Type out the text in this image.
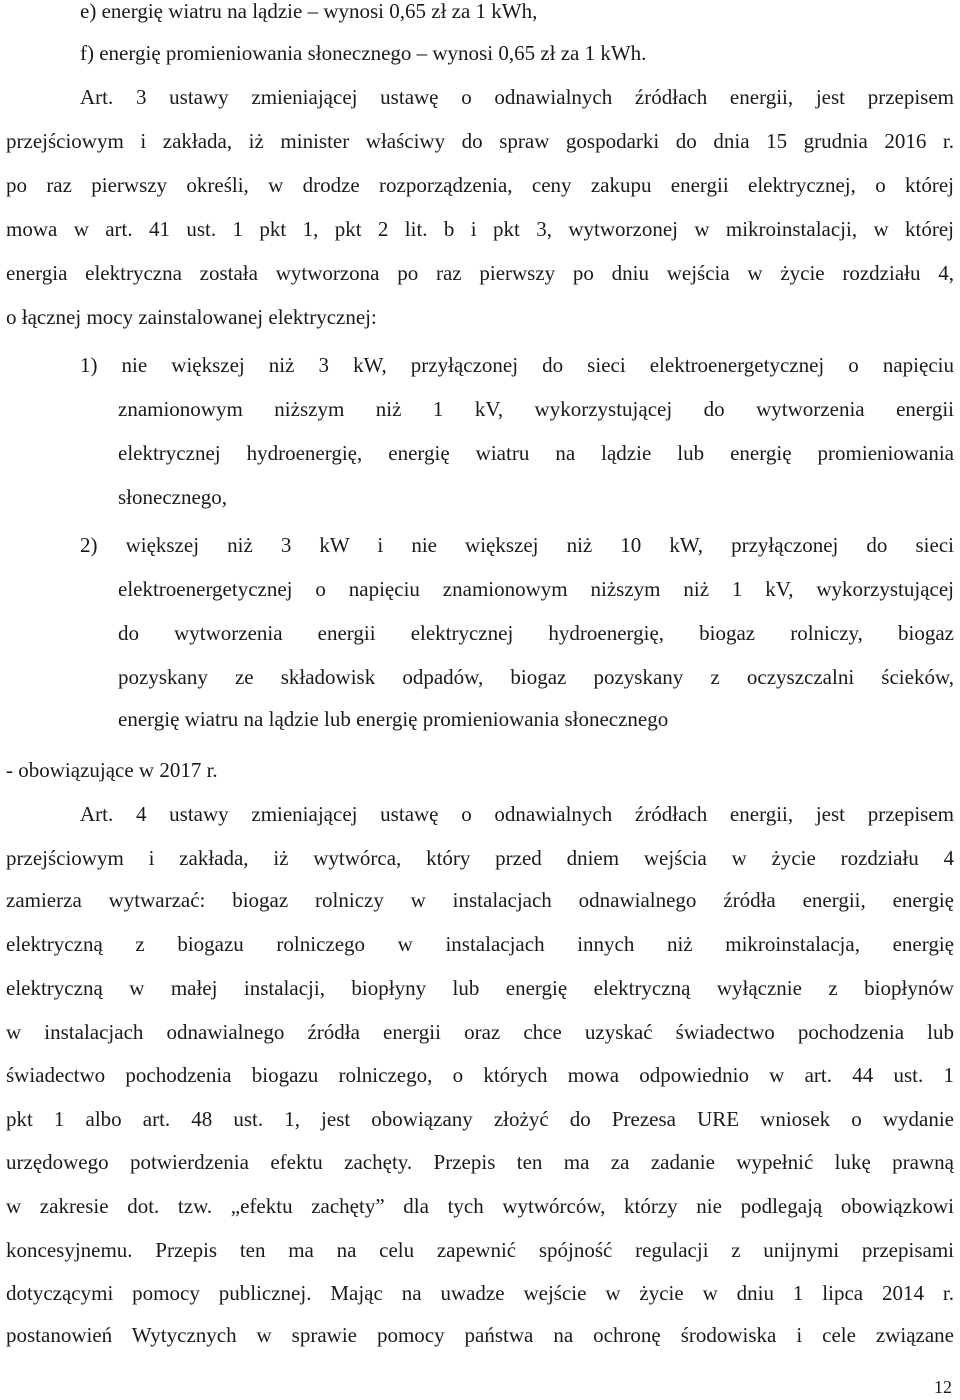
e) energię wiatru na lądzie – wynosi 0,65 zł za 1 kWh,
f) energię promieniowania słonecznego – wynosi 0,65 zł za 1 kWh.
Art. 3 ustawy zmieniającej ustawę o odnawialnych źródłach energii, jest przepisem
przejściowym i zakłada, iż minister właściwy do spraw gospodarki do dnia 15 grudnia 2016 r.
po raz pierwszy określi, w drodze rozporządzenia, ceny zakupu energii elektrycznej, o której
mowa w art. 41 ust. 1 pkt 1, pkt 2 lit. b i pkt 3, wytworzonej w mikroinstalacji, w której
energia elektryczna została wytworzona po raz pierwszy po dniu wejścia w życie rozdziału 4,
o łącznej mocy zainstalowanej elektrycznej:
1) nie większej niż 3 kW, przyłączonej do sieci elektroenergetycznej o napięciu
znamionowym niższym niż 1 kV, wykorzystującej do wytworzenia energii
elektrycznej hydroenergię, energię wiatru na lądzie lub energię promieniowania
słonecznego,
2) większej niż 3 kW i nie większej niż 10 kW, przyłączonej do sieci
elektroenergetycznej o napięciu znamionowym niższym niż 1 kV, wykorzystującej
do wytworzenia energii elektrycznej hydroenergię, biogaz rolniczy, biogaz
pozyskany ze składowisk odpadów, biogaz pozyskany z oczyszczalni ścieków,
energię wiatru na lądzie lub energię promieniowania słonecznego
- obowiązujące w 2017 r.
Art. 4 ustawy zmieniającej ustawę o odnawialnych źródłach energii, jest przepisem
przejściowym i zakłada, iż wytwórca, który przed dniem wejścia w życie rozdziału 4
zamierza wytwarzać: biogaz rolniczy w instalacjach odnawialnego źródła energii, energię
elektryczną z biogazu rolniczego w instalacjach innych niż mikroinstalacja, energię
elektryczną w małej instalacji, biopłyny lub energię elektryczną wyłącznie z biopłynów
w instalacjach odnawialnego źródła energii oraz chce uzyskać świadectwo pochodzenia lub
świadectwo pochodzenia biogazu rolniczego, o których mowa odpowiednio w art. 44 ust. 1
pkt 1 albo art. 48 ust. 1, jest obowiązany złożyć do Prezesa URE wniosek o wydanie
urzędowego potwierdzenia efektu zachęty. Przepis ten ma za zadanie wypełnić lukę prawną
w zakresie dot. tzw. „efektu zachęty” dla tych wytwórców, którzy nie podlegają obowiązkowi
koncesyjnemu. Przepis ten ma na celu zapewnić spójność regulacji z unijnymi przepisami
dotyczącymi pomocy publicznej. Mając na uwadze wejście w życie w dniu 1 lipca 2014 r.
postanowień Wytycznych w sprawie pomocy państwa na ochronę środowiska i cele związane
12
